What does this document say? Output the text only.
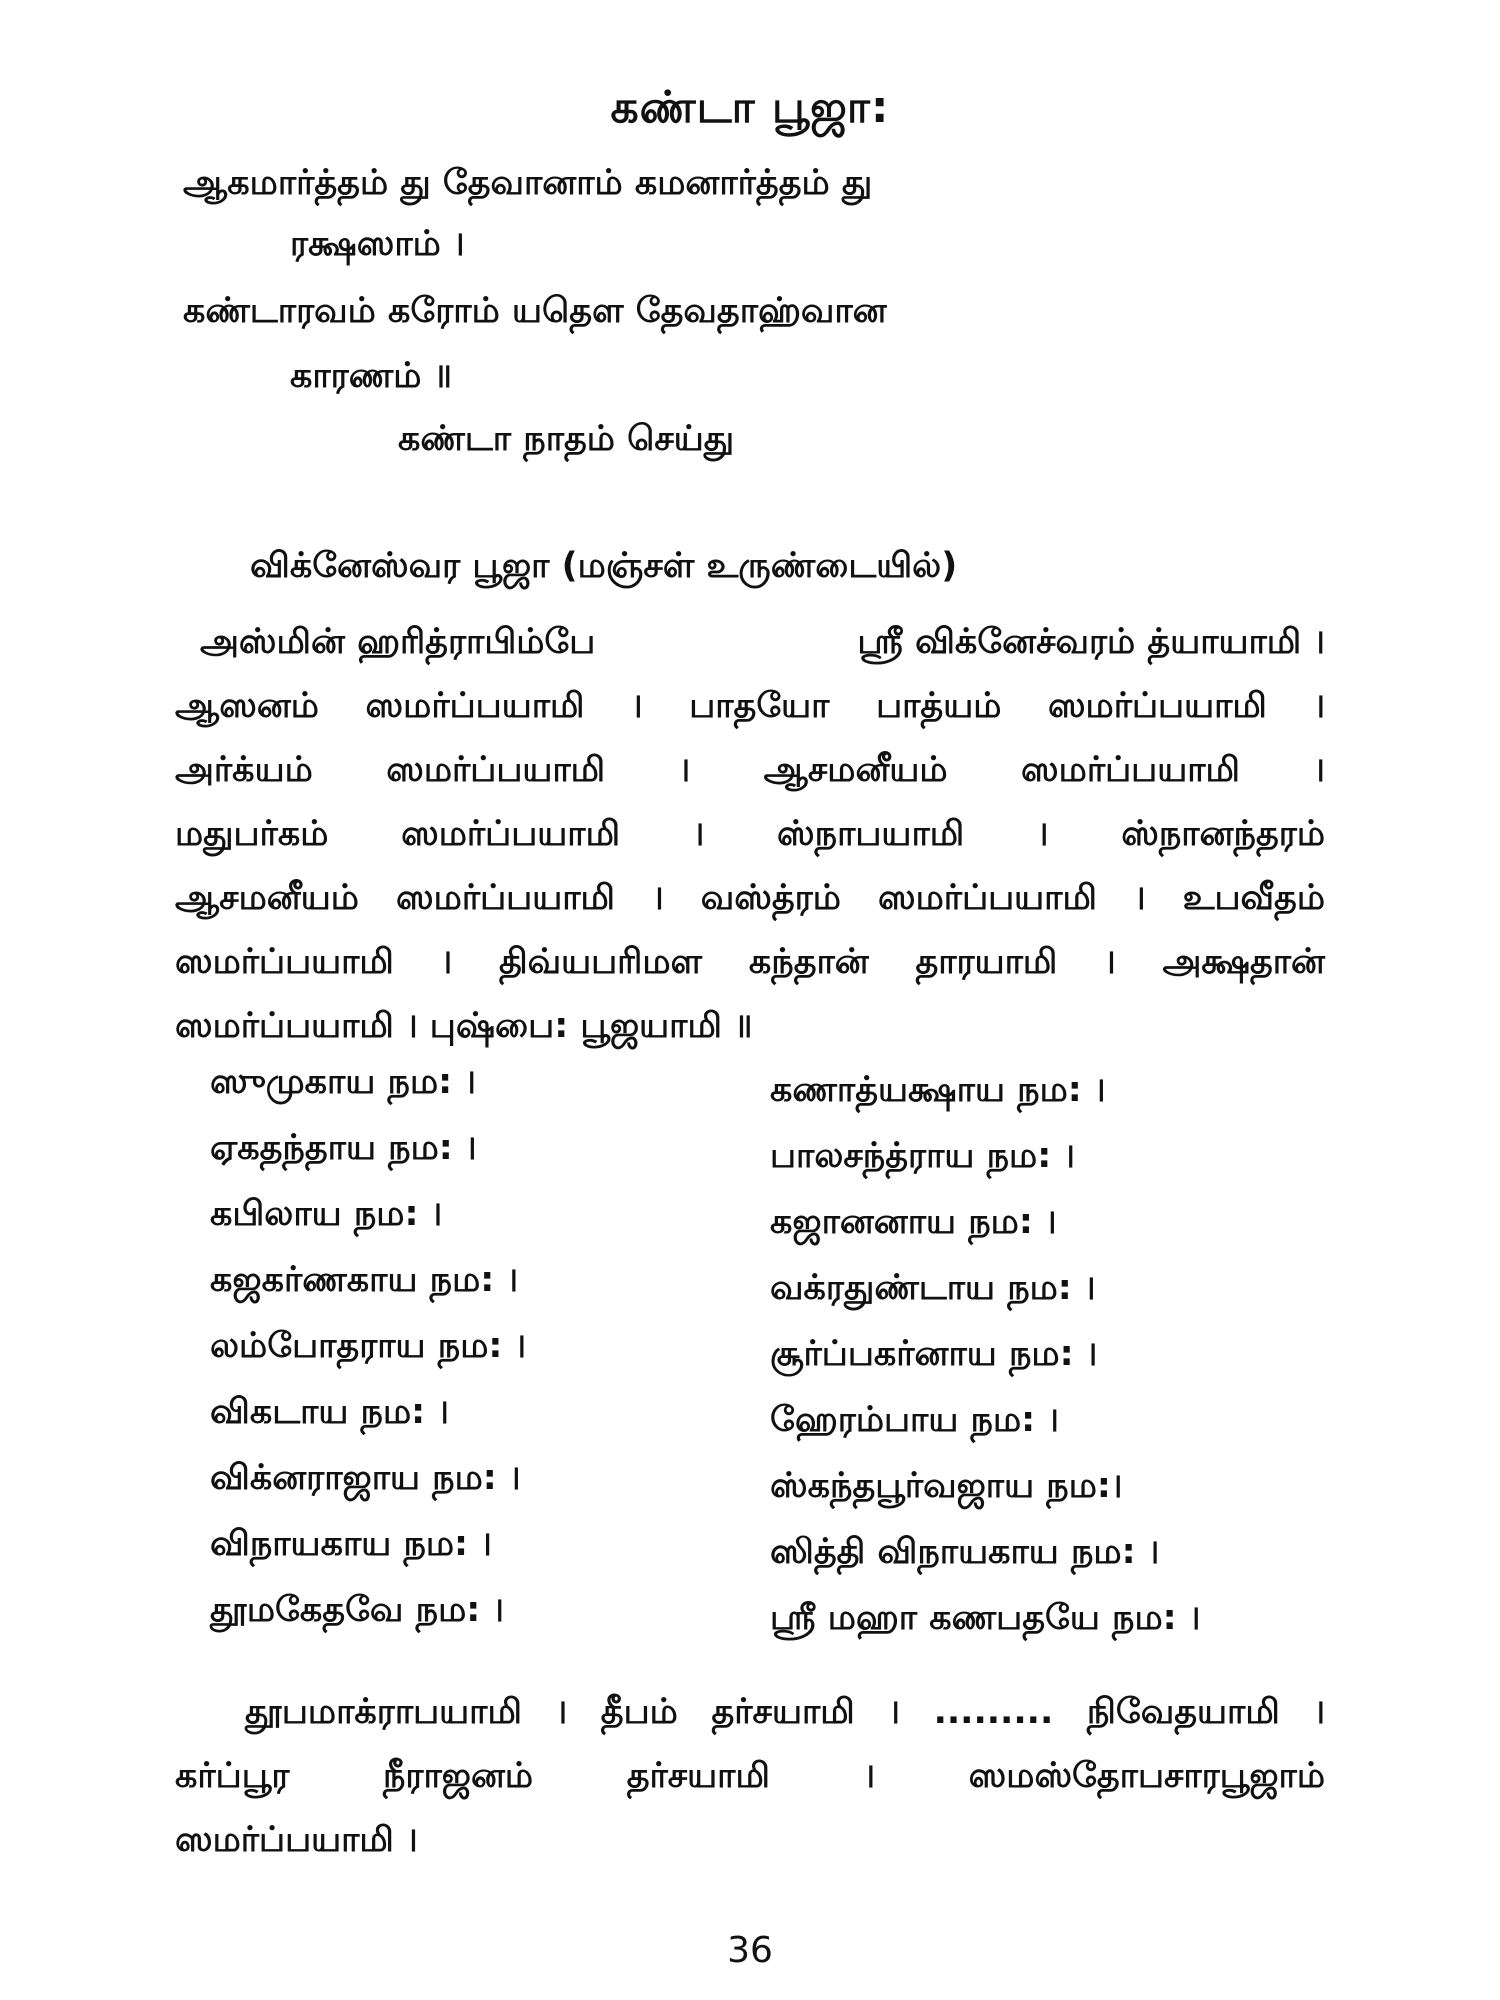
கண்டா பூஜா:
ஆகமார்த்தம் து தேவானாம் கமனார்த்தம் து
ரக்ஷஸாம் ।
கண்டாரவம் கரோம் யதௌ தேவதாஹ்வான
காரணம் ॥
கண்டா நாதம் செய்து
விக்னேஸ்வர பூஜா (மஞ்சள் உருண்டையில்)
அஸ்மின் ஹரித்ராபிம்பே	ஸ்ரீ விக்னேச்வரம் த்யாயாமி ।
ஆஸனம் ஸமர்ப்பயாமி । பாதயோ பாத்யம் ஸமர்ப்பயாமி ।
அர்க்யம் ஸமர்ப்பயாமி । ஆசமனீயம் ஸமர்ப்பயாமி ।
மதுபர்கம் ஸமர்ப்பயாமி । ஸ்நாபயாமி । ஸ்நானந்தரம்
ஆசமனீயம் ஸமர்ப்பயாமி । வஸ்த்ரம் ஸமர்ப்பயாமி । உபவீதம்
ஸமர்ப்பயாமி । திவ்யபரிமள கந்தான் தாரயாமி । அக்ஷதான்
ஸமர்ப்பயாமி । புஷ்பை: பூஜயாமி ॥
ஸுமுகாய நம: ।
ஏகதந்தாய நம: ।
கபிலாய நம: ।
கஜகர்ணகாய நம: ।
லம்போதராய நம: ।
விகடாய நம: ।
விக்னராஜாய நம: ।
விநாயகாய நம: ।
தூமகேதவே நம: ।
கணாத்யக்ஷாய நம: ।
பாலசந்த்ராய நம: ।
கஜானனாய நம: ।
வக்ரதுண்டாய நம: ।
சூர்ப்பகர்னாய நம: ।
ஹேரம்பாய நம: ।
ஸ்கந்தபூர்வஜாய நம:।
ஸித்தி விநாயகாய நம: ।
ஸ்ரீ மஹா கணபதயே நம: ।
தூபமாக்ராபயாமி । தீபம் தர்சயாமி । ......... நிவேதயாமி ।
கர்ப்பூர நீராஜனம் தர்சயாமி । ஸமஸ்தோபசாரபூஜாம்
ஸமர்ப்பயாமி ।
36
